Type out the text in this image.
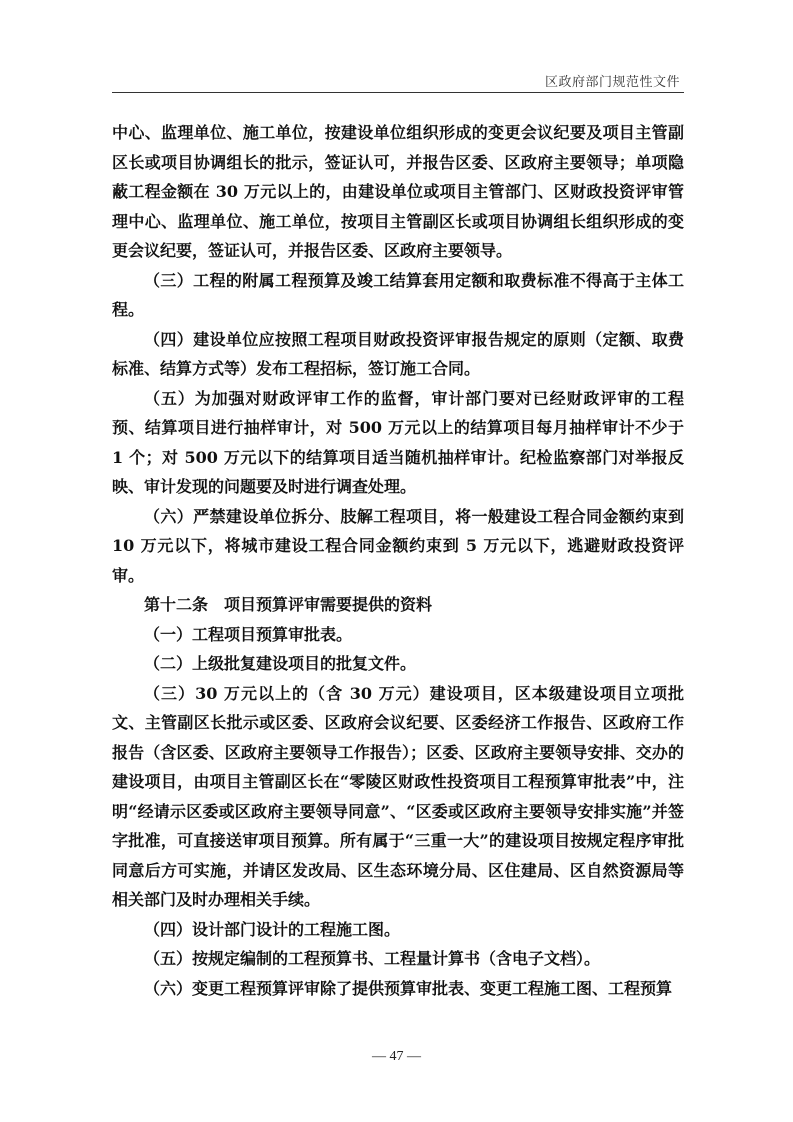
区政府部门规范性文件

中心、监理单位、施工单位，按建设单位组织形成的变更会议纪要及项目主管副区长或项目协调组长的批示，签证认可，并报告区委、区政府主要领导；单项隐蔽工程金额在 30 万元以上的，由建设单位或项目主管部门、区财政投资评审管理中心、监理单位、施工单位，按项目主管副区长或项目协调组长组织形成的变更会议纪要，签证认可，并报告区委、区政府主要领导。

（三）工程的附属工程预算及竣工结算套用定额和取费标准不得高于主体工程。

（四）建设单位应按照工程项目财政投资评审报告规定的原则（定额、取费标准、结算方式等）发布工程招标，签订施工合同。

（五）为加强对财政评审工作的监督，审计部门要对已经财政评审的工程预、结算项目进行抽样审计，对 500 万元以上的结算项目每月抽样审计不少于 1 个；对 500 万元以下的结算项目适当随机抽样审计。纪检监察部门对举报反映、审计发现的问题要及时进行调查处理。

（六）严禁建设单位拆分、肢解工程项目，将一般建设工程合同金额约束到 10 万元以下，将城市建设工程合同金额约束到 5 万元以下，逃避财政投资评审。

第十二条　项目预算评审需要提供的资料

（一）工程项目预算审批表。

（二）上级批复建设项目的批复文件。

（三）30 万元以上的（含 30 万元）建设项目，区本级建设项目立项批文、主管副区长批示或区委、区政府会议纪要、区委经济工作报告、区政府工作报告（含区委、区政府主要领导工作报告）；区委、区政府主要领导安排、交办的建设项目，由项目主管副区长在“零陵区财政性投资项目工程预算审批表”中，注明“经请示区委或区政府主要领导同意”、“区委或区政府主要领导安排实施”并签字批准，可直接送审项目预算。所有属于“三重一大”的建设项目按规定程序审批同意后方可实施，并请区发改局、区生态环境分局、区住建局、区自然资源局等相关部门及时办理相关手续。

（四）设计部门设计的工程施工图。

（五）按规定编制的工程预算书、工程量计算书（含电子文档）。

（六）变更工程预算评审除了提供预算审批表、变更工程施工图、工程预算

— 47 —
